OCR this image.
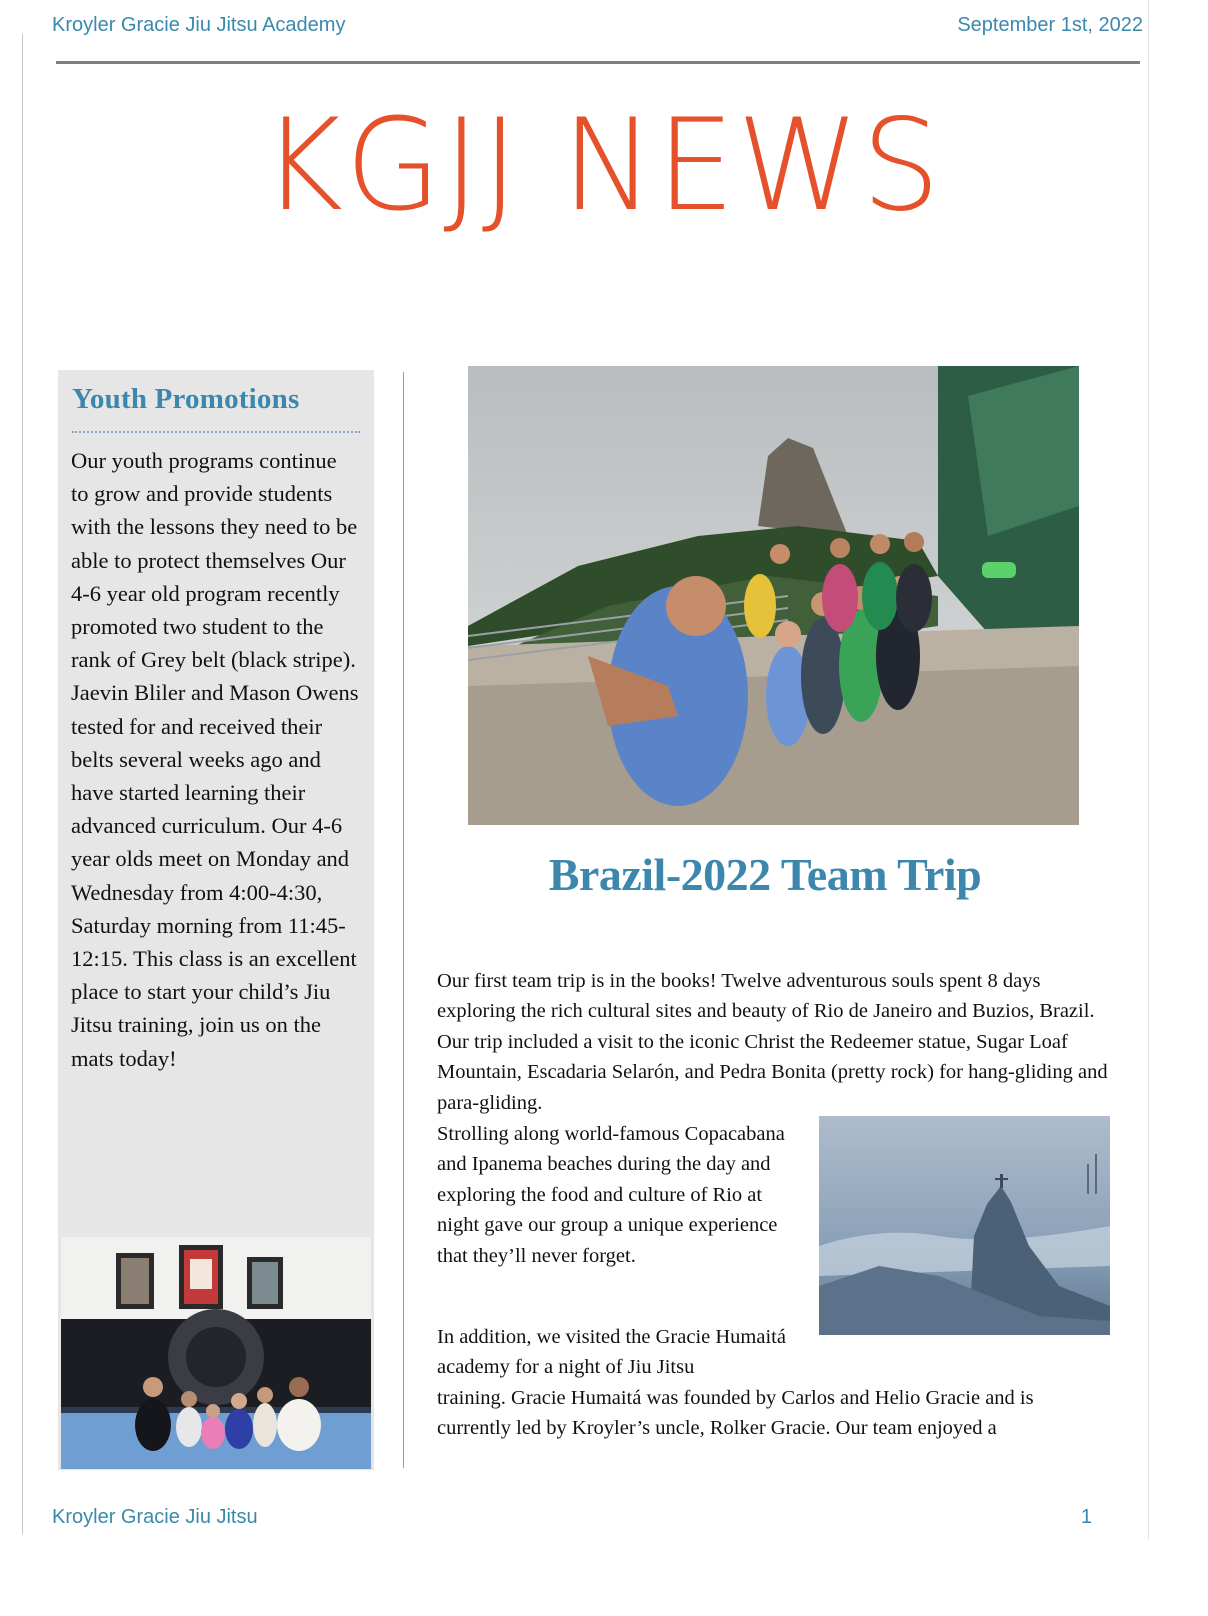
Kroyler Gracie Jiu Jitsu Academy	September 1st, 2022
KGJJ NEWS
Youth Promotions

Our youth programs continue to grow and provide students with the lessons they need to be able to protect themselves Our 4-6 year old program recently promoted two student to the rank of Grey belt (black stripe). Jaevin Bliler and Mason Owens tested for and received their belts several weeks ago and have started learning their advanced curriculum. Our 4-6 year olds meet on Monday and Wednesday from 4:00-4:30, Saturday morning from 11:45-12:15. This class is an excellent place to start your child’s Jiu Jitsu training, join us on the mats today!

Brazil-2022 Team Trip

Our first team trip is in the books! Twelve adventurous souls spent 8 days exploring the rich cultural sites and beauty of Rio de Janeiro and Buzios, Brazil. Our trip included a visit to the iconic Christ the Redeemer statue, Sugar Loaf Mountain, Escadaria Selarón, and Pedra Bonita (pretty rock) for hang-gliding and para-gliding.

Strolling along world-famous Copacabana and Ipanema beaches during the day and exploring the food and culture of Rio at night gave our group a unique experience that they’ll never forget.

In addition, we visited the Gracie Humaitá academy for a night of Jiu Jitsu

training. Gracie Humaitá was founded by Carlos and Helio Gracie and is currently led by Kroyler’s uncle, Rolker Gracie. Our team enjoyed a

Kroyler Gracie Jiu Jitsu	1
